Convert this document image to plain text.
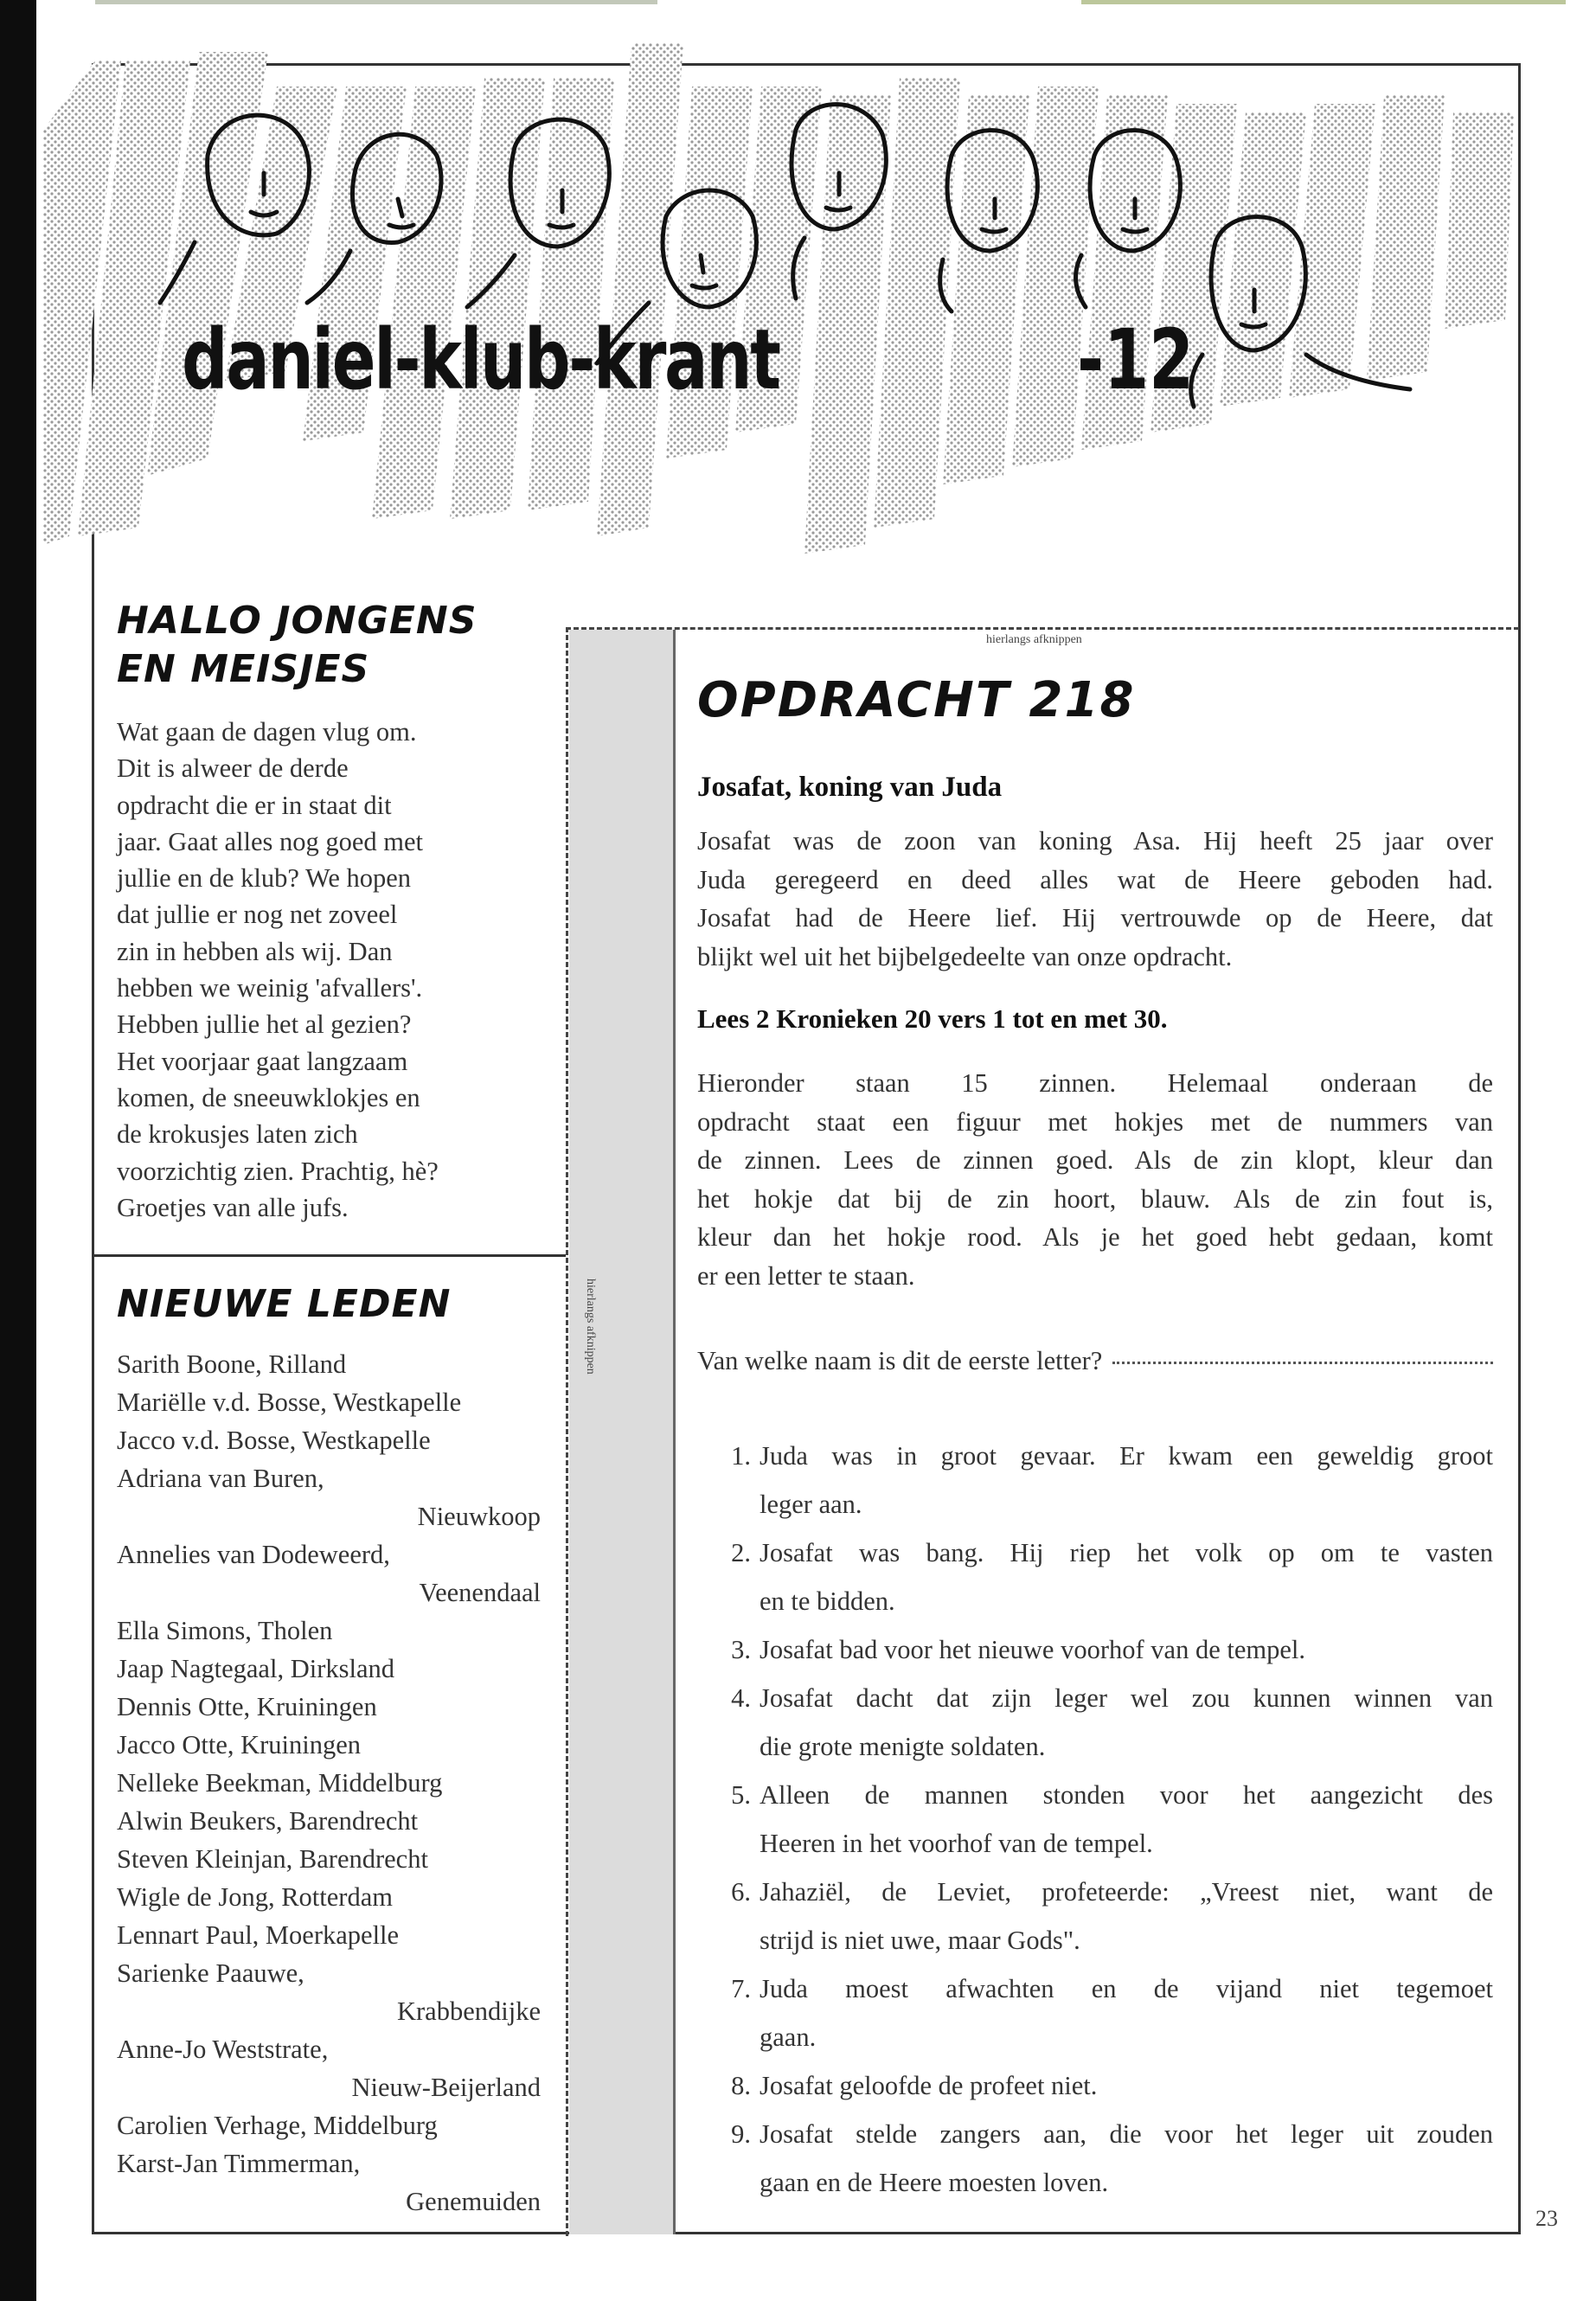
daniel-klub-krant	-12
HALLO JONGENS
EN MEISJES
Wat gaan de dagen vlug om.
Dit is alweer de derde
opdracht die er in staat dit
jaar. Gaat alles nog goed met
jullie en de klub? We hopen
dat jullie er nog net zoveel
zin in hebben als wij. Dan
hebben we weinig 'afvallers'.
Hebben jullie het al gezien?
Het voorjaar gaat langzaam
komen, de sneeuwklokjes en
de krokusjes laten zich
voorzichtig zien. Prachtig, hè?
Groetjes van alle jufs.
NIEUWE LEDEN
Sarith Boone, Rilland
Mariëlle v.d. Bosse, Westkapelle
Jacco v.d. Bosse, Westkapelle
Adriana van Buren,
Nieuwkoop
Annelies van Dodeweerd,
Veenendaal
Ella Simons, Tholen
Jaap Nagtegaal, Dirksland
Dennis Otte, Kruiningen
Jacco Otte, Kruiningen
Nelleke Beekman, Middelburg
Alwin Beukers, Barendrecht
Steven Kleinjan, Barendrecht
Wigle de Jong, Rotterdam
Lennart Paul, Moerkapelle
Sarienke Paauwe,
Krabbendijke
Anne-Jo Weststrate,
Nieuw-Beijerland
Carolien Verhage, Middelburg
Karst-Jan Timmerman,
Genemuiden
hierlangs afknippen
hierlangs afknippen
OPDRACHT 218
Josafat, koning van Juda
Josafat was de zoon van koning Asa. Hij heeft 25 jaar over
Juda geregeerd en deed alles wat de Heere geboden had.
Josafat had de Heere lief. Hij vertrouwde op de Heere, dat
blijkt wel uit het bijbelgedeelte van onze opdracht.
Lees 2 Kronieken 20 vers 1 tot en met 30.
Hieronder staan 15 zinnen. Helemaal onderaan de
opdracht staat een figuur met hokjes met de nummers van
de zinnen. Lees de zinnen goed. Als de zin klopt, kleur dan
het hokje dat bij de zin hoort, blauw. Als de zin fout is,
kleur dan het hokje rood. Als je het goed hebt gedaan, komt
er een letter te staan.
Van welke naam is dit de eerste letter?
1. Juda was in groot gevaar. Er kwam een geweldig groot
leger aan.
2. Josafat was bang. Hij riep het volk op om te vasten
en te bidden.
3. Josafat bad voor het nieuwe voorhof van de tempel.
4. Josafat dacht dat zijn leger wel zou kunnen winnen van
die grote menigte soldaten.
5. Alleen de mannen stonden voor het aangezicht des
Heeren in het voorhof van de tempel.
6. Jahaziël, de Leviet, profeteerde: „Vreest niet, want de
strijd is niet uwe, maar Gods".
7. Juda moest afwachten en de vijand niet tegemoet
gaan.
8. Josafat geloofde de profeet niet.
9. Josafat stelde zangers aan, die voor het leger uit zouden
gaan en de Heere moesten loven.
23
